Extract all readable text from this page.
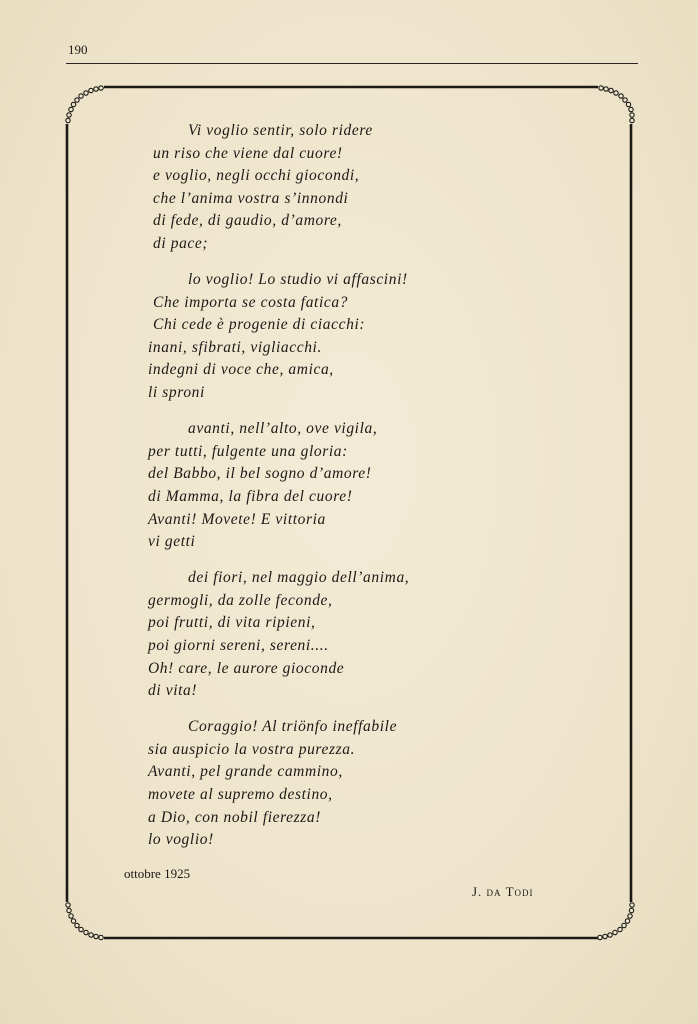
190
Vi voglio sentir, solo ridere
un riso che viene dal cuore!
e voglio, negli occhi giocondi,
che l’anima vostra s’innondi
di fede, di gaudio, d’amore,
di pace;
lo voglio! Lo studio vi affascini!
Che importa se costa fatica?
Chi cede è progenie di ciacchi:
inani, sfibrati, vigliacchi.
indegni di voce che, amica,
li sproni
avanti, nell’alto, ove vigila,
per tutti, fulgente una gloria:
del Babbo, il bel sogno d’amore!
di Mamma, la fibra del cuore!
Avanti! Movete! E vittoria
vi getti
dei fiori, nel maggio dell’anima,
germogli, da zolle feconde,
poi frutti, di vita ripieni,
poi giorni sereni, sereni....
Oh! care, le aurore gioconde
di vita!
Coraggio! Al triönfo ineffabile
sia auspicio la vostra purezza.
Avanti, pel grande cammino,
movete al supremo destino,
a Dio, con nobil fierezza!
lo voglio!
ottobre 1925
J. da Todi
